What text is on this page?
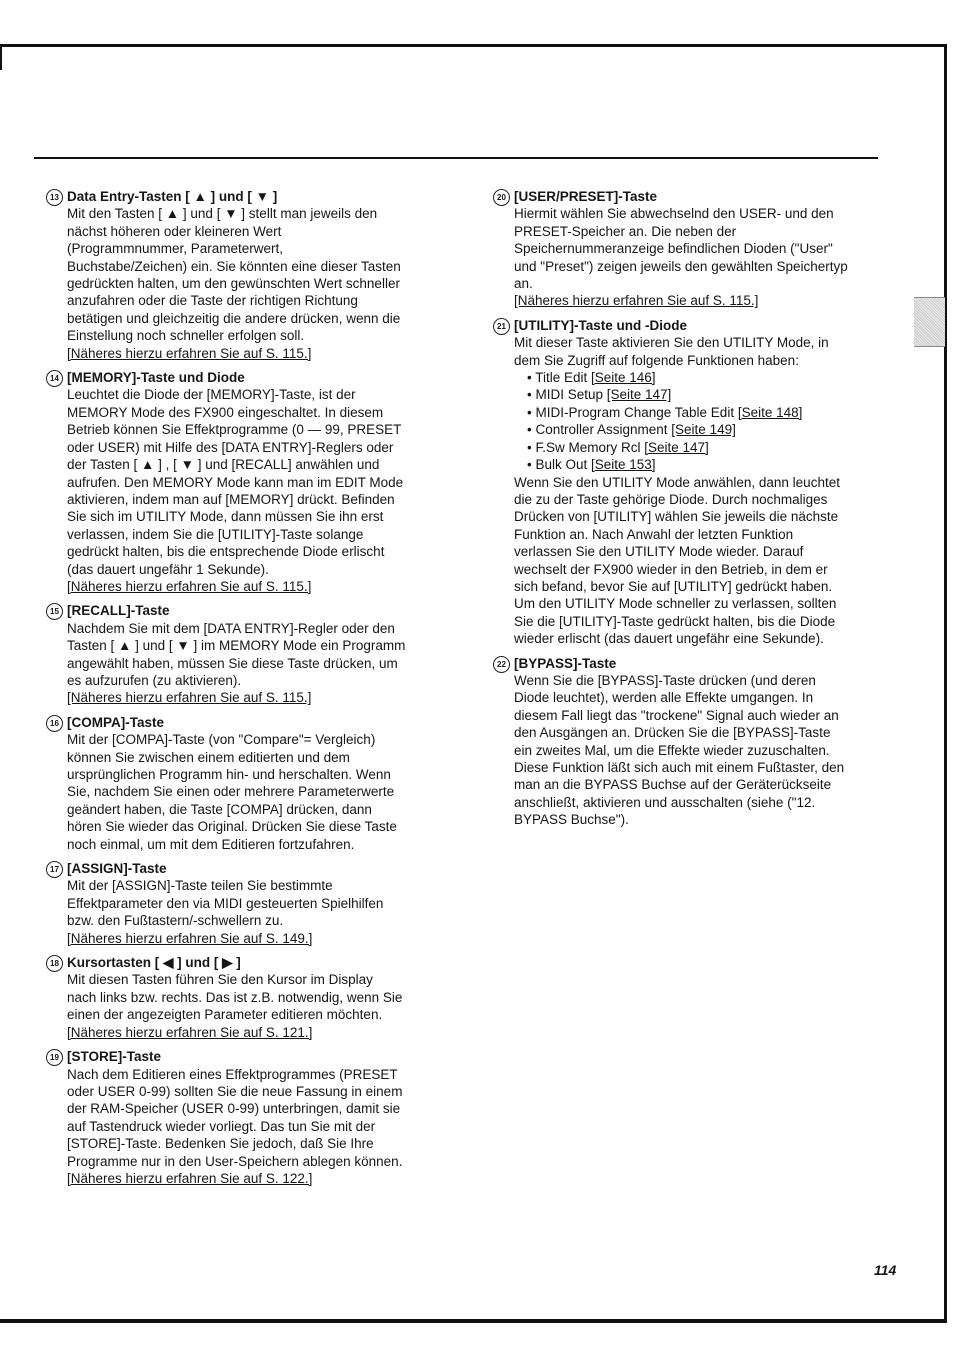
13 Data Entry-Tasten [ ▲ ] und [ ▼ ]
Mit den Tasten [ ▲ ] und [ ▼ ] stellt man jeweils den
nächst höheren oder kleineren Wert
(Programmnummer, Parameterwert,
Buchstabe/Zeichen) ein. Sie könnten eine dieser Tasten
gedrückten halten, um den gewünschten Wert schneller
anzufahren oder die Taste der richtigen Richtung
betätigen und gleichzeitig die andere drücken, wenn die
Einstellung noch schneller erfolgen soll.
[Näheres hierzu erfahren Sie auf S. 115.]
14 [MEMORY]-Taste und Diode
Leuchtet die Diode der [MEMORY]-Taste, ist der
MEMORY Mode des FX900 eingeschaltet. In diesem
Betrieb können Sie Effektprogramme (0 — 99, PRESET
oder USER) mit Hilfe des [DATA ENTRY]-Reglers oder
der Tasten [ ▲ ] , [ ▼ ] und [RECALL] anwählen und
aufrufen. Den MEMORY Mode kann man im EDIT Mode
aktivieren, indem man auf [MEMORY] drückt. Befinden
Sie sich im UTILITY Mode, dann müssen Sie ihn erst
verlassen, indem Sie die [UTILITY]-Taste solange
gedrückt halten, bis die entsprechende Diode erlischt
(das dauert ungefähr 1 Sekunde).
[Näheres hierzu erfahren Sie auf S. 115.]
15 [RECALL]-Taste
Nachdem Sie mit dem [DATA ENTRY]-Regler oder den
Tasten [ ▲ ] und [ ▼ ] im MEMORY Mode ein Programm
angewählt haben, müssen Sie diese Taste drücken, um
es aufzurufen (zu aktivieren).
[Näheres hierzu erfahren Sie auf S. 115.]
16 [COMPA]-Taste
Mit der [COMPA]-Taste (von "Compare"= Vergleich)
können Sie zwischen einem editierten und dem
ursprünglichen Programm hin- und herschalten. Wenn
Sie, nachdem Sie einen oder mehrere Parameterwerte
geändert haben, die Taste [COMPA] drücken, dann
hören Sie wieder das Original. Drücken Sie diese Taste
noch einmal, um mit dem Editieren fortzufahren.
17 [ASSIGN]-Taste
Mit der [ASSIGN]-Taste teilen Sie bestimmte
Effektparameter den via MIDI gesteuerten Spielhilfen
bzw. den Fußtastern/-schwellern zu.
[Näheres hierzu erfahren Sie auf S. 149.]
18 Kursortasten [ ◀ ] und [ ▶ ]
Mit diesen Tasten führen Sie den Kursor im Display
nach links bzw. rechts. Das ist z.B. notwendig, wenn Sie
einen der angezeigten Parameter editieren möchten.
[Näheres hierzu erfahren Sie auf S. 121.]
19 [STORE]-Taste
Nach dem Editieren eines Effektprogrammes (PRESET
oder USER 0-99) sollten Sie die neue Fassung in einem
der RAM-Speicher (USER 0-99) unterbringen, damit sie
auf Tastendruck wieder vorliegt. Das tun Sie mit der
[STORE]-Taste. Bedenken Sie jedoch, daß Sie Ihre
Programme nur in den User-Speichern ablegen können.
[Näheres hierzu erfahren Sie auf S. 122.]
20 [USER/PRESET]-Taste
Hiermit wählen Sie abwechselnd den USER- und den
PRESET-Speicher an. Die neben der
Speichernummeranzeige befindlichen Dioden ("User"
und "Preset") zeigen jeweils den gewählten Speichertyp
an.
[Näheres hierzu erfahren Sie auf S. 115.]
21 [UTILITY]-Taste und -Diode
Mit dieser Taste aktivieren Sie den UTILITY Mode, in
dem Sie Zugriff auf folgende Funktionen haben:
• Title Edit [Seite 146]
• MIDI Setup [Seite 147]
• MIDI-Program Change Table Edit [Seite 148]
• Controller Assignment [Seite 149]
• F.Sw Memory Rcl [Seite 147]
• Bulk Out [Seite 153]
Wenn Sie den UTILITY Mode anwählen, dann leuchtet
die zu der Taste gehörige Diode. Durch nochmaliges
Drücken von [UTILITY] wählen Sie jeweils die nächste
Funktion an. Nach Anwahl der letzten Funktion
verlassen Sie den UTILITY Mode wieder. Darauf
wechselt der FX900 wieder in den Betrieb, in dem er
sich befand, bevor Sie auf [UTILITY] gedrückt haben.
Um den UTILITY Mode schneller zu verlassen, sollten
Sie die [UTILITY]-Taste gedrückt halten, bis die Diode
wieder erlischt (das dauert ungefähr eine Sekunde).
22 [BYPASS]-Taste
Wenn Sie die [BYPASS]-Taste drücken (und deren
Diode leuchtet), werden alle Effekte umgangen. In
diesem Fall liegt das "trockene" Signal auch wieder an
den Ausgängen an. Drücken Sie die [BYPASS]-Taste
ein zweites Mal, um die Effekte wieder zuzuschalten.
Diese Funktion läßt sich auch mit einem Fußtaster, den
man an die BYPASS Buchse auf der Geräterückseite
anschließt, aktivieren und ausschalten (siehe ("12.
BYPASS Buchse").
114
